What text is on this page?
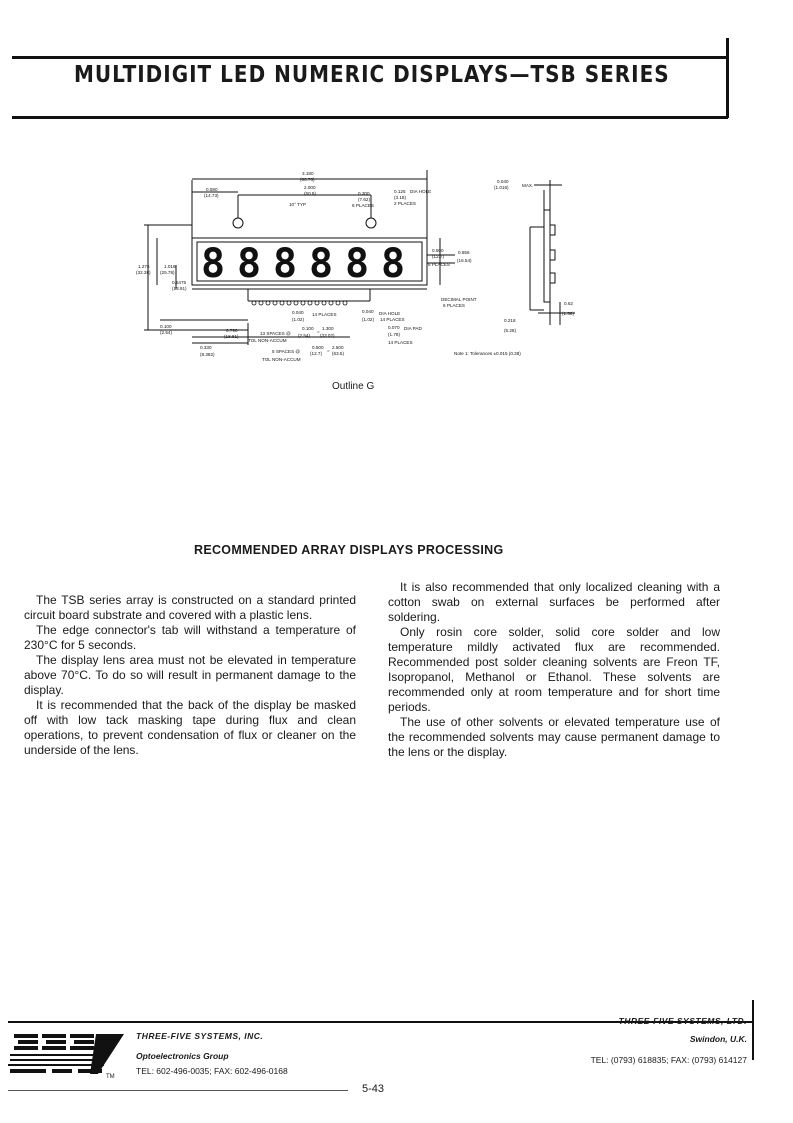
MULTIDIGIT LED NUMERIC DISPLAYS—TSB SERIES
8 8 8 8 8 8
3.180
(80.76)
2.000
(50.8)
0.580
(14.73)
10° TYP
0.300
(7.62)
6 PLACES
0.125 DIA HOLE
(3.18)
2 PLACES
0.040
(1.016)	MAX.
1.275	1.016
(32.38) (25.78)
0.5475
(13.91)
0.500
(12.7)
6 PLACES
0.656
(16.54)
DECIMAL POINT
6 PLACES
0.218
(5.28)
0.62
(1.58)
0.100
(2.54)	0.790
(18.81)
13 SPACES @
0.100
=
1.300
TOL NON-ACCUM
(2.54) (33.02)
0.330
(8.382)
5 SPACES @
0.500
=
2.500
TOL NON-ACCUM
(12.7) (63.5)
0.040
(1.02)
14 PLACES
0.040 DIA HOLE
(1.02) 14 PLACES
0.070 DIA PAD
(1.78)
14 PLACES
Note 1: Tolerances ±0.015 (0.38)
Outline G
RECOMMENDED ARRAY DISPLAYS PROCESSING

The TSB series array is constructed on a standard printed circuit board substrate and covered with a plastic lens.

The edge connector's tab will withstand a temperature of 230°C for 5 seconds.

The display lens area must not be elevated in temperature above 70°C. To do so will result in permanent damage to the display.

It is recommended that the back of the display be masked off with low tack masking tape during flux and clean operations, to prevent condensation of flux or cleaner on the underside of the lens.

It is also recommended that only localized cleaning with a cotton swab on external surfaces be performed after soldering.

Only rosin core solder, solid core solder and low temperature mildly activated flux are recommended. Recommended post solder cleaning solvents are Freon TF, Isopropanol, Methanol or Ethanol. These solvents are recommended only at room temperature and for short time periods.

The use of other solvents or elevated temperature use of the recommended solvents may cause permanent damage to the lens or the display.

TM
THREE-FIVE SYSTEMS, INC.
Optoelectronics Group
TEL: 602-496-0035; FAX: 602-496-0168
THREE-FIVE SYSTEMS, LTD.
Swindon, U.K.
TEL: (0793) 618835; FAX: (0793) 614127
5-43
